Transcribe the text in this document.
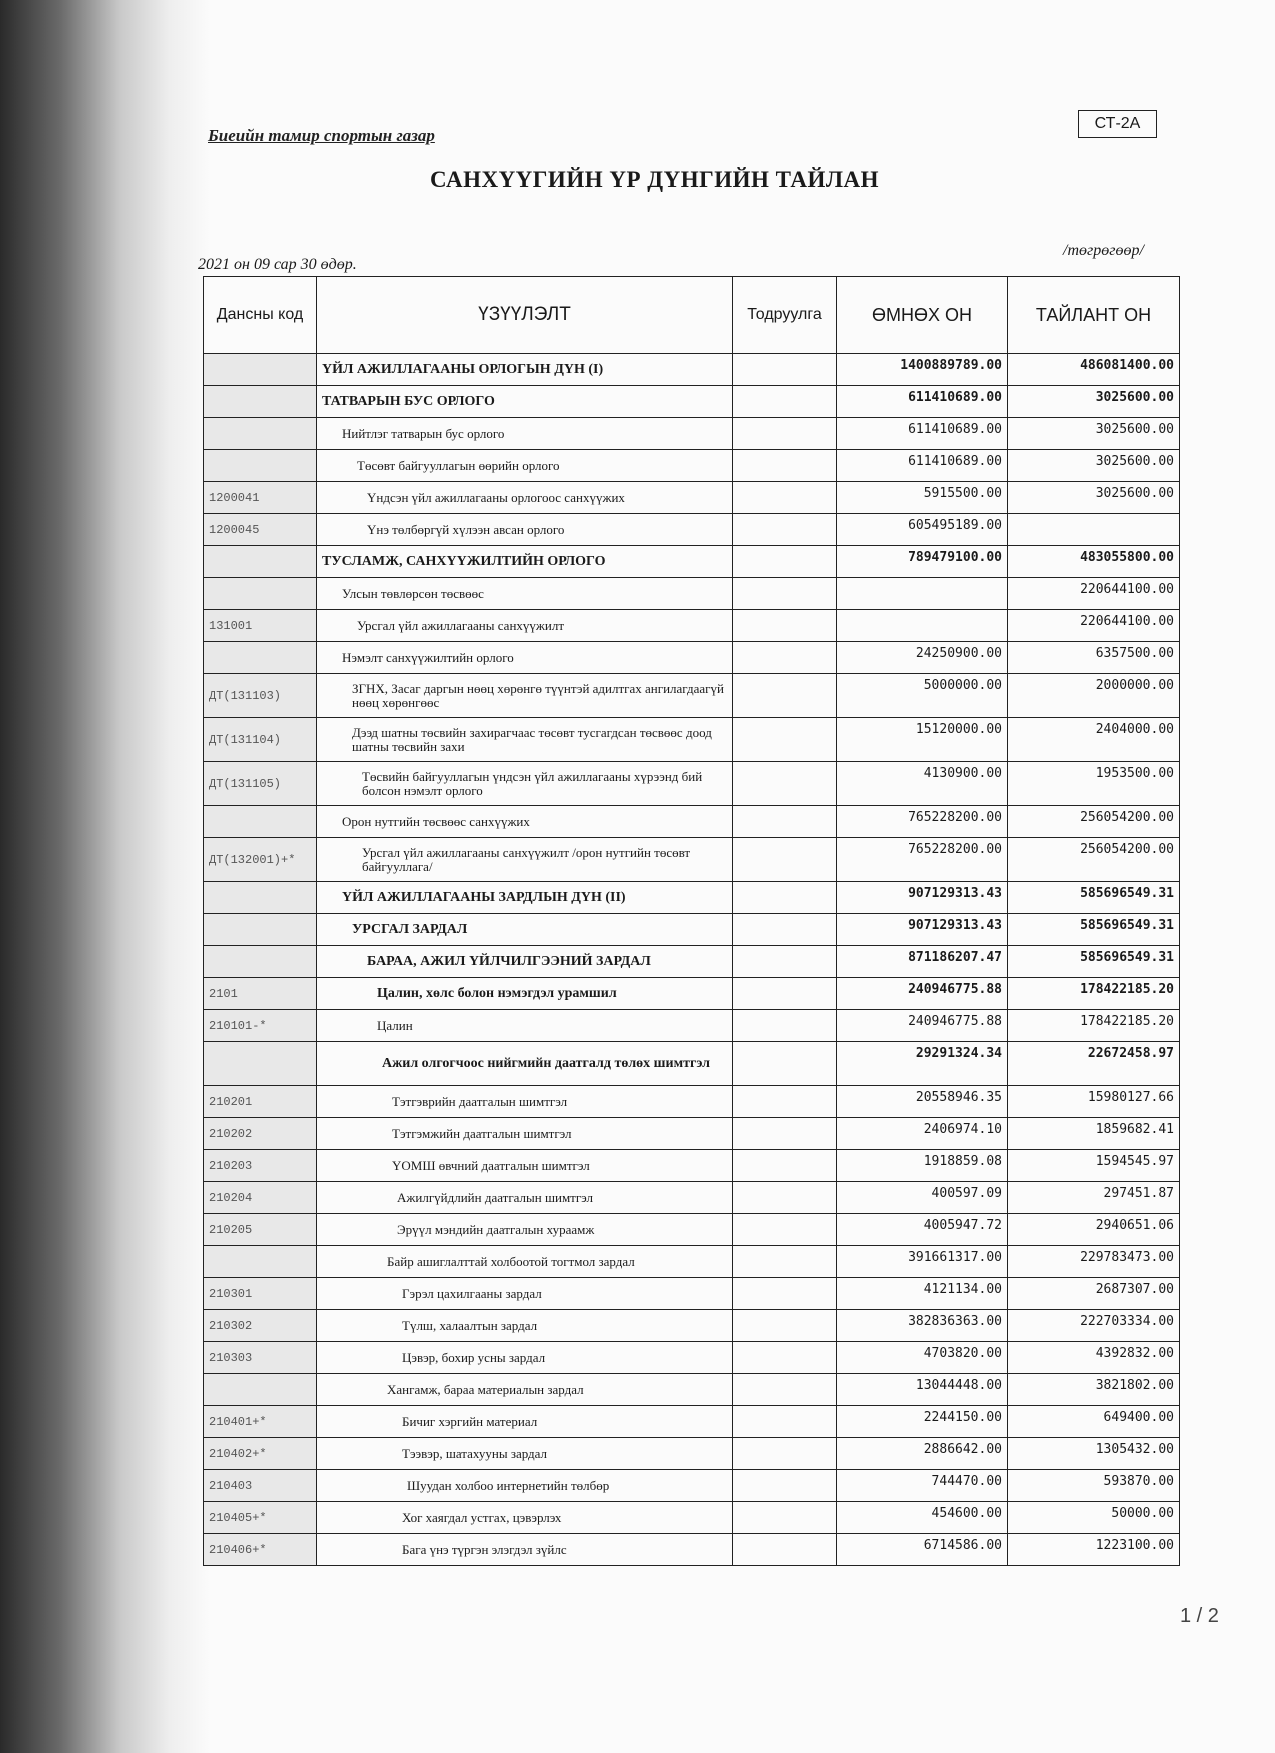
Биеийн тамир спортын газар
СТ-2А
САНХҮҮГИЙН ҮР ДҮНГИЙН ТАЙЛАН
2021 он 09 сар 30 өдөр.
/төгрөгөөр/
Дансны код	ҮЗҮҮЛЭЛТ	Тодруулга	ӨМНӨХ ОН	ТАЙЛАНТ ОН
	ҮЙЛ АЖИЛЛАГААНЫ ОРЛОГЫН ДҮН (I)		1400889789.00	486081400.00
	ТАТВАРЫН БУС ОРЛОГО		611410689.00	3025600.00
	Нийтлэг татварын бус орлого		611410689.00	3025600.00
	Төсөвт байгууллагын өөрийн орлого		611410689.00	3025600.00
1200041	Үндсэн үйл ажиллагааны орлогоос санхүүжих		5915500.00	3025600.00
1200045	Үнэ төлбөргүй хүлээн авсан орлого		605495189.00	
	ТУСЛАМЖ, САНХҮҮЖИЛТИЙН ОРЛОГО		789479100.00	483055800.00
	Улсын төвлөрсөн төсвөөс			220644100.00
131001	Урсгал үйл ажиллагааны санхүүжилт			220644100.00
	Нэмэлт санхүүжилтийн орлого		24250900.00	6357500.00
ДТ(131103)	ЗГНХ, Засаг даргын нөөц хөрөнгө түүнтэй адилтгах ангилагдаагүй нөөц хөрөнгөөс		5000000.00	2000000.00
ДТ(131104)	Дээд шатны төсвийн захирагчаас төсөвт тусгагдсан төсвөөс доод шатны төсвийн захи		15120000.00	2404000.00
ДТ(131105)	Төсвийн байгууллагын үндсэн үйл ажиллагааны хүрээнд бий болсон нэмэлт орлого		4130900.00	1953500.00
	Орон нутгийн төсвөөс санхүүжих		765228200.00	256054200.00
ДТ(132001)+*	Урсгал үйл ажиллагааны санхүүжилт /орон нутгийн төсөвт байгууллага/		765228200.00	256054200.00
	ҮЙЛ АЖИЛЛАГААНЫ ЗАРДЛЫН ДҮН (II)		907129313.43	585696549.31
	УРСГАЛ ЗАРДАЛ		907129313.43	585696549.31
	БАРАА, АЖИЛ ҮЙЛЧИЛГЭЭНИЙ ЗАРДАЛ		871186207.47	585696549.31
2101	Цалин, хөлс болон нэмэгдэл урамшил		240946775.88	178422185.20
210101-*	Цалин		240946775.88	178422185.20
	Ажил олгогчоос нийгмийн даатгалд төлөх шимтгэл		29291324.34	22672458.97
210201	Тэтгэврийн даатгалын шимтгэл		20558946.35	15980127.66
210202	Тэтгэмжийн даатгалын шимтгэл		2406974.10	1859682.41
210203	ҮОМШ өвчний даатгалын шимтгэл		1918859.08	1594545.97
210204	Ажилгүйдлийн даатгалын шимтгэл		400597.09	297451.87
210205	Эрүүл мэндийн даатгалын хураамж		4005947.72	2940651.06
	Байр ашиглалттай холбоотой тогтмол зардал		391661317.00	229783473.00
210301	Гэрэл цахилгааны зардал		4121134.00	2687307.00
210302	Түлш, халаалтын зардал		382836363.00	222703334.00
210303	Цэвэр, бохир усны зардал		4703820.00	4392832.00
	Хангамж, бараа материалын зардал		13044448.00	3821802.00
210401+*	Бичиг хэргийн материал		2244150.00	649400.00
210402+*	Тээвэр, шатахууны зардал		2886642.00	1305432.00
210403	Шуудан холбоо интернетийн төлбөр		744470.00	593870.00
210405+*	Хог хаягдал устгах, цэвэрлэх		454600.00	50000.00
210406+*	Бага үнэ түргэн элэгдэл зүйлс		6714586.00	1223100.00
1 / 2
